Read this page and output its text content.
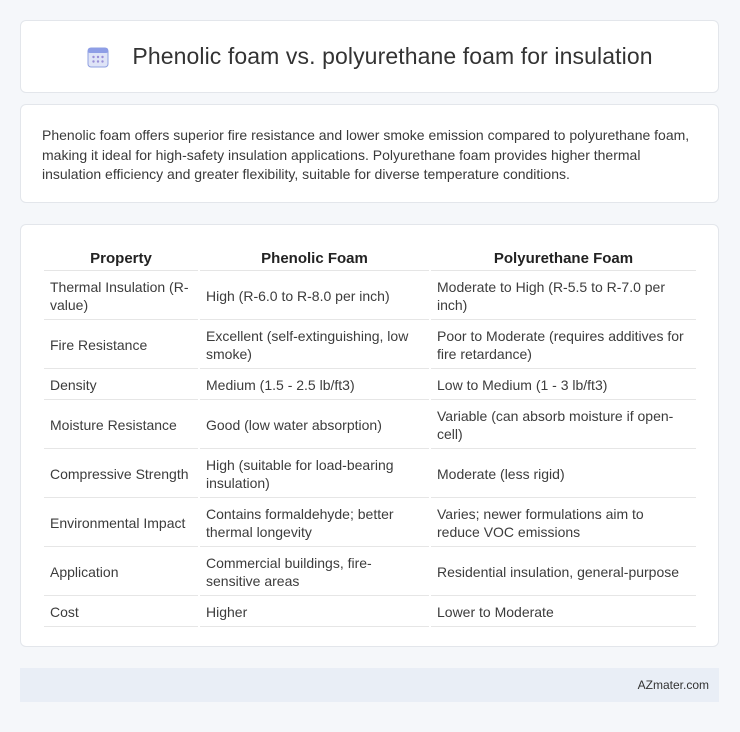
Phenolic foam vs. polyurethane foam for insulation

Phenolic foam offers superior fire resistance and lower smoke emission compared to polyurethane foam, making it ideal for high-safety insulation applications. Polyurethane foam provides higher thermal insulation efficiency and greater flexibility, suitable for diverse temperature conditions.

Property	Phenolic Foam	Polyurethane Foam
Thermal Insulation (R-value)	High (R-6.0 to R-8.0 per inch)	Moderate to High (R-5.5 to R-7.0 per inch)
Fire Resistance	Excellent (self-extinguishing, low smoke)	Poor to Moderate (requires additives for fire retardance)
Density	Medium (1.5 - 2.5 lb/ft3)	Low to Medium (1 - 3 lb/ft3)
Moisture Resistance	Good (low water absorption)	Variable (can absorb moisture if open-cell)
Compressive Strength	High (suitable for load-bearing insulation)	Moderate (less rigid)
Environmental Impact	Contains formaldehyde; better thermal longevity	Varies; newer formulations aim to reduce VOC emissions
Application	Commercial buildings, fire-sensitive areas	Residential insulation, general-purpose
Cost	Higher	Lower to Moderate
AZmater.com
